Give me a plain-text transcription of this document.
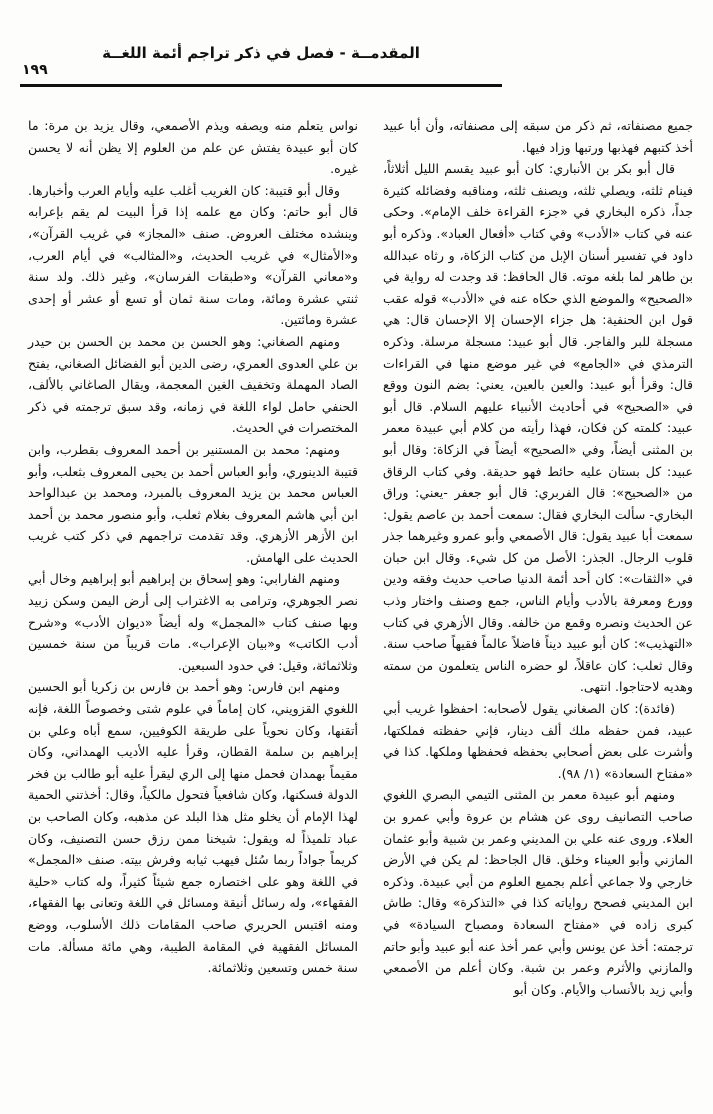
المقدمــة - فصل في ذكر تراجم أئمة اللغــة
١٩٩

جميع مصنفاته، ثم ذكر من سبقه إلى مصنفاته، وأن أبا عبيد أخذ كتبهم فهذبها ورتبها وزاد فيها.

قال أبو بكر بن الأنباري: كان أبو عبيد يقسم الليل أثلاثاً، فينام ثلثه، ويصلي ثلثه، ويصنف ثلثه، ومناقبه وفضائله كثيرة جداً، ذكره البخاري في «جزء القراءة خلف الإمام». وحكى عنه في كتاب «الأدب» وفي كتاب «أفعال العباد». وذكره أبو داود في تفسير أسنان الإبل من كتاب الزكاة، و رثاه عبدالله بن طاهر لما بلغه موته. قال الحافظ: قد وجدت له رواية في «الصحيح» والموضع الذي حكاه عنه في «الأدب» قوله عقب قول ابن الحنفية: هل جزاء الإحسان إلا الإحسان قال: هي مسجلة للبر والفاجر. قال أبو عبيد: مسجلة مرسلة. وذكره الترمذي في «الجامع» في غير موضع منها في القراءات قال: وقرأ أبو عبيد: والعين بالعين، يعني: بضم النون ووقع في «الصحيح» في أحاديث الأنبياء عليهم السلام. قال أبو عبيد: كلمته كن فكان، فهذا رأيته من كلام أبي عبيدة معمر بن المثنى أيضاً، وفي «الصحيح» أيضاً في الزكاة: وقال أبو عبيد: كل بستان عليه حائط فهو حديقة. وفي كتاب الرقاق من «الصحيح»: قال الفربري: قال أبو جعفر -يعني: وراق البخاري- سألت البخاري فقال: سمعت أحمد بن عاصم يقول: سمعت أبا عبيد يقول: قال الأصمعي وأبو عمرو وغيرهما جذر قلوب الرجال. الجذر: الأصل من كل شيء. وقال ابن حبان في «الثقات»: كان أحد أئمة الدنيا صاحب حديث وفقه ودين وورع ومعرفة بالأدب وأيام الناس، جمع وصنف واختار وذب عن الحديث ونصره وقمع من خالفه. وقال الأزهري في كتاب «التهذيب»: كان أبو عبيد ديناً فاضلاً عالماً فقيهاً صاحب سنة. وقال ثعلب: كان عاقلاً، لو حضره الناس يتعلمون من سمته وهديه لاحتاجوا. انتهى.

(فائدة): كان الصغاني يقول لأصحابه: احفظوا غريب أبي عبيد، فمن حفظه ملك ألف دينار، فإني حفظته فملكتها، وأشرت على بعض أصحابي بحفظه فحفظها وملكها. كذا في «مفتاح السعادة» (١/ ٩٨).

ومنهم أبو عبيدة معمر بن المثنى التيمي البصري اللغوي صاحب التصانيف روى عن هشام بن عروة وأبي عمرو بن العلاء. وروى عنه علي بن المديني وعمر بن شبية وأبو عثمان المازني وأبو العيناء وخلق. قال الجاحظ: لم يكن في الأرض خارجي ولا جماعي أعلم بجميع العلوم من أبي عبيدة. وذكره ابن المديني فصحح رواياته كذا في «التذكرة» وقال: طاش كبرى زاده في «مفتاح السعادة ومصباح السيادة» في ترجمته: أخذ عن يونس وأبي عمر أخذ عنه أبو عبيد وأبو حاتم والمازني والأثرم وعمر بن شبة. وكان أعلم من الأصمعي وأبي زيد بالأنساب والأيام. وكان أبو

نواس يتعلم منه ويصفه ويذم الأصمعي، وقال يزيد بن مرة: ما كان أبو عبيدة يفتش عن علم من العلوم إلا يظن أنه لا يحسن غيره.

وقال أبو قتيبة: كان الغريب أغلب عليه وأيام العرب وأخبارها. قال أبو حاتم: وكان مع علمه إذا قرأ البيت لم يقم بإعرابه وينشده مختلف العروض. صنف «المجاز» في غريب القرآن»، و«الأمثال» في غريب الحديث، و«المثالب» في أيام العرب، و«معاني القرآن» و«طبقات الفرسان»، وغير ذلك. ولد سنة ثنتي عشرة ومائة، ومات سنة ثمان أو تسع أو عشر أو إحدى عشرة ومائتين.

ومنهم الصغاني: وهو الحسن بن محمد بن الحسن بن حيدر بن علي العدوى العمري، رضى الدين أبو الفضائل الصغاني، بفتح الصاد المهملة وتخفيف الغين المعجمة، ويقال الصاغاني بالألف، الحنفي حامل لواء اللغة في زمانه، وقد سبق ترجمته في ذكر المختصرات في الحديث.

ومنهم: محمد بن المستنير بن أحمد المعروف بقطرب، وابن قتيبة الدينوري، وأبو العباس أحمد بن يحيى المعروف بثعلب، وأبو العباس محمد بن يزيد المعروف بالمبرد، ومحمد بن عبدالواحد ابن أبي هاشم المعروف بغلام ثعلب، وأبو منصور محمد بن أحمد ابن الأزهر الأزهري. وقد تقدمت تراجمهم في ذكر كتب غريب الحديث على الهامش.

ومنهم الفارابي: وهو إسحاق بن إبراهيم أبو إبراهيم وخال أبي نصر الجوهري، وترامى به الاغتراب إلى أرض اليمن وسكن زبيد وبها صنف كتاب «المجمل» وله أيضاً «ديوان الأدب» و«شرح أدب الكاتب» و«بيان الإعراب». مات قريباً من سنة خمسين وثلاثمائة، وقيل: في حدود السبعين.

ومنهم ابن فارس: وهو أحمد بن فارس بن زكريا أبو الحسين اللغوي القزويني، كان إماماً في علوم شتى وخصوصاً اللغة، فإنه أتقنها، وكان نحوياً على طريقة الكوفيين، سمع أباه وعلي بن إبراهيم بن سلمة القطان، وقرأ عليه الأديب الهمداني، وكان مقيماً بهمدان فحمل منها إلى الري ليقرأ عليه أبو طالب بن فخر الدولة فسكنها، وكان شافعياً فتحول مالكياً، وقال: أخذتني الحمية لهذا الإمام أن يخلو مثل هذا البلد عن مذهبه، وكان الصاحب بن عباد تلميذاً له ويقول: شيخنا ممن رزق حسن التصنيف، وكان كريماً جواداً ربما سُئل فيهب ثيابه وفرش بيته. صنف «المجمل» في اللغة وهو على اختصاره جمع شيئاً كثيراً، وله كتاب «حلية الفقهاء»، وله رسائل أنيقة ومسائل في اللغة وتعانى بها الفقهاء، ومنه اقتبس الحريري صاحب المقامات ذلك الأسلوب، ووضع المسائل الفقهية في المقامة الطيبة، وهي مائة مسألة. مات سنة خمس وتسعين وثلاثمائة.
